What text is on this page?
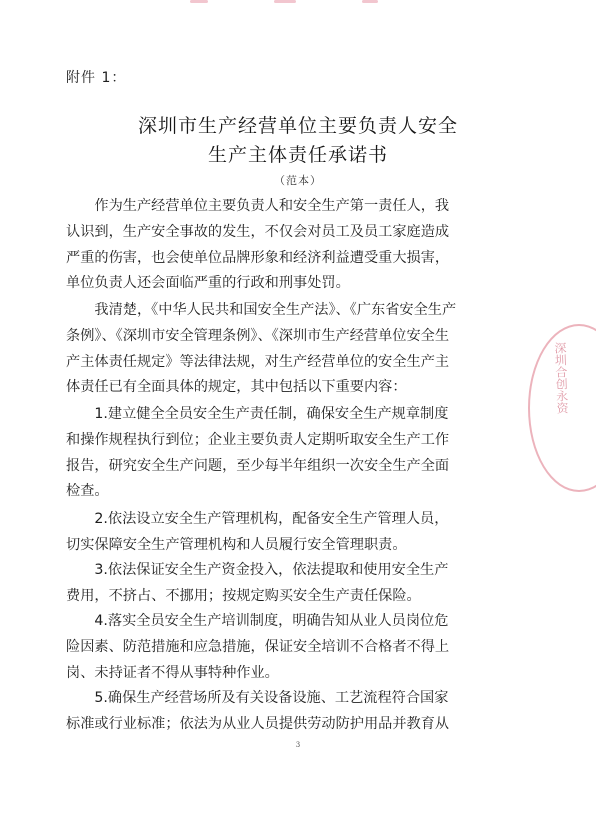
附件 1：
深圳市生产经营单位主要负责人安全
生产主体责任承诺书
（范本）
　　作为生产经营单位主要负责人和安全生产第一责任人，我
认识到，生产安全事故的发生，不仅会对员工及员工家庭造成
严重的伤害，也会使单位品牌形象和经济利益遭受重大损害，
单位负责人还会面临严重的行政和刑事处罚。
　　我清楚，《中华人民共和国安全生产法》、《广东省安全生产
条例》、《深圳市安全管理条例》、《深圳市生产经营单位安全生
产主体责任规定》等法律法规，对生产经营单位的安全生产主
体责任已有全面具体的规定，其中包括以下重要内容：
　　1.建立健全全员安全生产责任制，确保安全生产规章制度
和操作规程执行到位；企业主要负责人定期听取安全生产工作
报告，研究安全生产问题，至少每半年组织一次安全生产全面
检查。
　　2.依法设立安全生产管理机构，配备安全生产管理人员，
切实保障安全生产管理机构和人员履行安全管理职责。
　　3.依法保证安全生产资金投入，依法提取和使用安全生产
费用，不挤占、不挪用；按规定购买安全生产责任保险。
　　4.落实全员安全生产培训制度，明确告知从业人员岗位危
险因素、防范措施和应急措施，保证安全培训不合格者不得上
岗、未持证者不得从事特种作业。
　　5.确保生产经营场所及有关设备设施、工艺流程符合国家
标准或行业标准；依法为从业人员提供劳动防护用品并教育从
深圳合创永资
3
